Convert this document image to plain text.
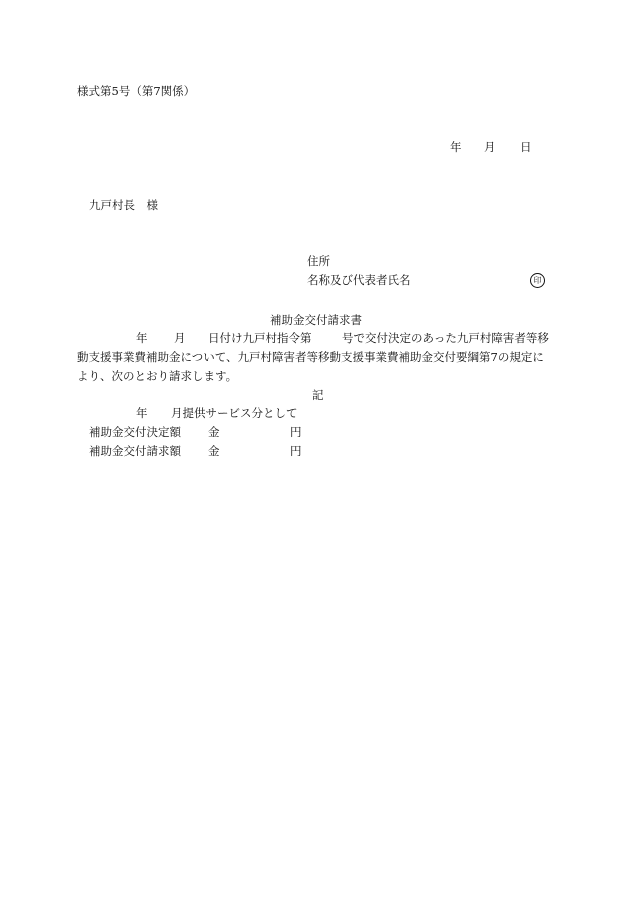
様式第5号（第7関係）
年 月 日
九戸村長　様
住所
名称及び代表者氏名	印
補助金交付請求書
年 月 日付け九戸村指令第	号で交付決定のあった九戸村障害者等移
動支援事業費補助金について、九戸村障害者等移動支援事業費補助金交付要綱第7の規定に
より、次のとおり請求します。
記
年 月提供サービス分として
補助金交付決定額 金	円
補助金交付請求額 金	円
